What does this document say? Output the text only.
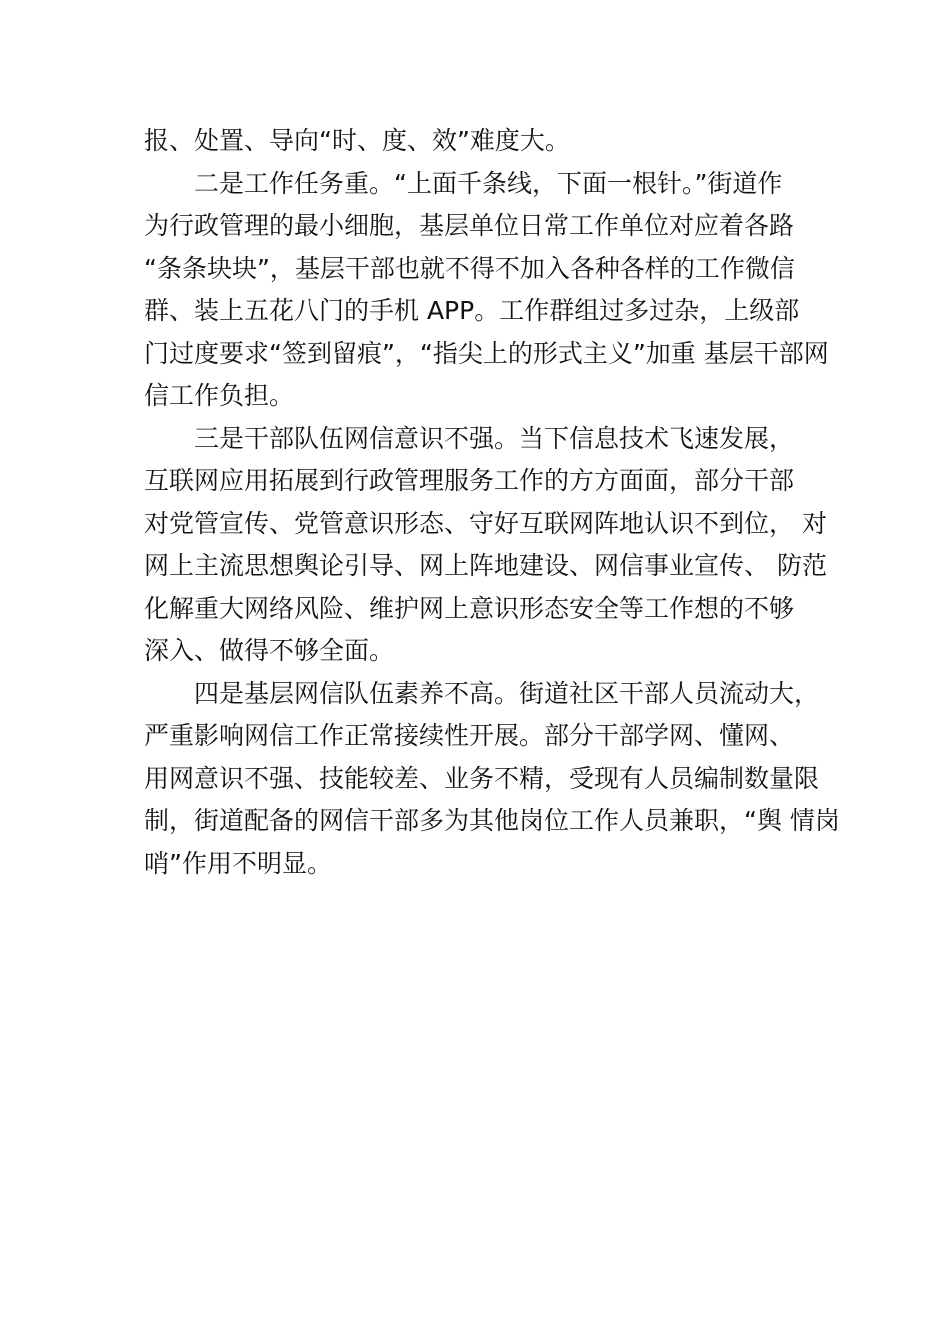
报、处置、导向“时、度、效”难度大。
二是工作任务重。“上面千条线，下面一根针。”街道作
为行政管理的最小细胞，基层单位日常工作单位对应着各路
“条条块块”，基层干部也就不得不加入各种各样的工作微信
群、装上五花八门的手机 APP。工作群组过多过杂，上级部
门过度要求“签到留痕”，“指尖上的形式主义”加重 基层干部网
信工作负担。
三是干部队伍网信意识不强。当下信息技术飞速发展，
互联网应用拓展到行政管理服务工作的方方面面，部分干部
对党管宣传、党管意识形态、守好互联网阵地认识不到位， 对
网上主流思想舆论引导、网上阵地建设、网信事业宣传、 防范
化解重大网络风险、维护网上意识形态安全等工作想的不够
深入、做得不够全面。
四是基层网信队伍素养不高。街道社区干部人员流动大，
严重影响网信工作正常接续性开展。部分干部学网、懂网、
用网意识不强、技能较差、业务不精，受现有人员编制数量限
制，街道配备的网信干部多为其他岗位工作人员兼职，“舆 情岗
哨”作用不明显。
